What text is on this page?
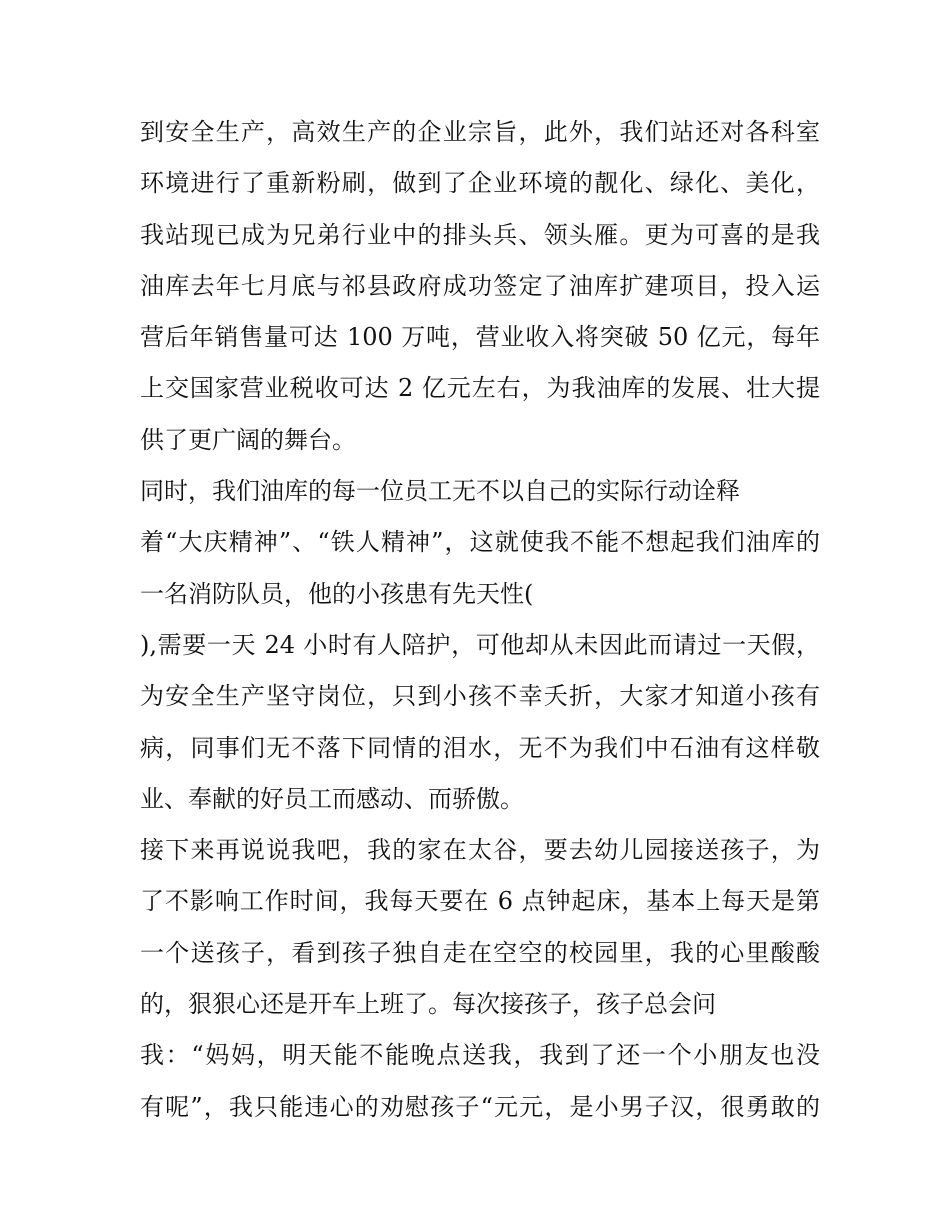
到安全生产，高效生产的企业宗旨，此外，我们站还对各科室
环境进行了重新粉刷，做到了企业环境的靓化、绿化、美化，
我站现已成为兄弟行业中的排头兵、领头雁。更为可喜的是我
油库去年七月底与祁县政府成功签定了油库扩建项目，投入运
营后年销售量可达 100 万吨，营业收入将突破 50 亿元，每年
上交国家营业税收可达 2 亿元左右，为我油库的发展、壮大提
供了更广阔的舞台。
同时，我们油库的每一位员工无不以自己的实际行动诠释
着“大庆精神”、“铁人精神”，这就使我不能不想起我们油库的
一名消防队员，他的小孩患有先天性(
),需要一天 24 小时有人陪护，可他却从未因此而请过一天假，
为安全生产坚守岗位，只到小孩不幸夭折，大家才知道小孩有
病，同事们无不落下同情的泪水，无不为我们中石油有这样敬
业、奉献的好员工而感动、而骄傲。
接下来再说说我吧，我的家在太谷，要去幼儿园接送孩子，为
了不影响工作时间，我每天要在 6 点钟起床，基本上每天是第
一个送孩子，看到孩子独自走在空空的校园里，我的心里酸酸
的，狠狠心还是开车上班了。每次接孩子，孩子总会问
我：“妈妈，明天能不能晚点送我，我到了还一个小朋友也没
有呢”，我只能违心的劝慰孩子“元元，是小男子汉，很勇敢的
